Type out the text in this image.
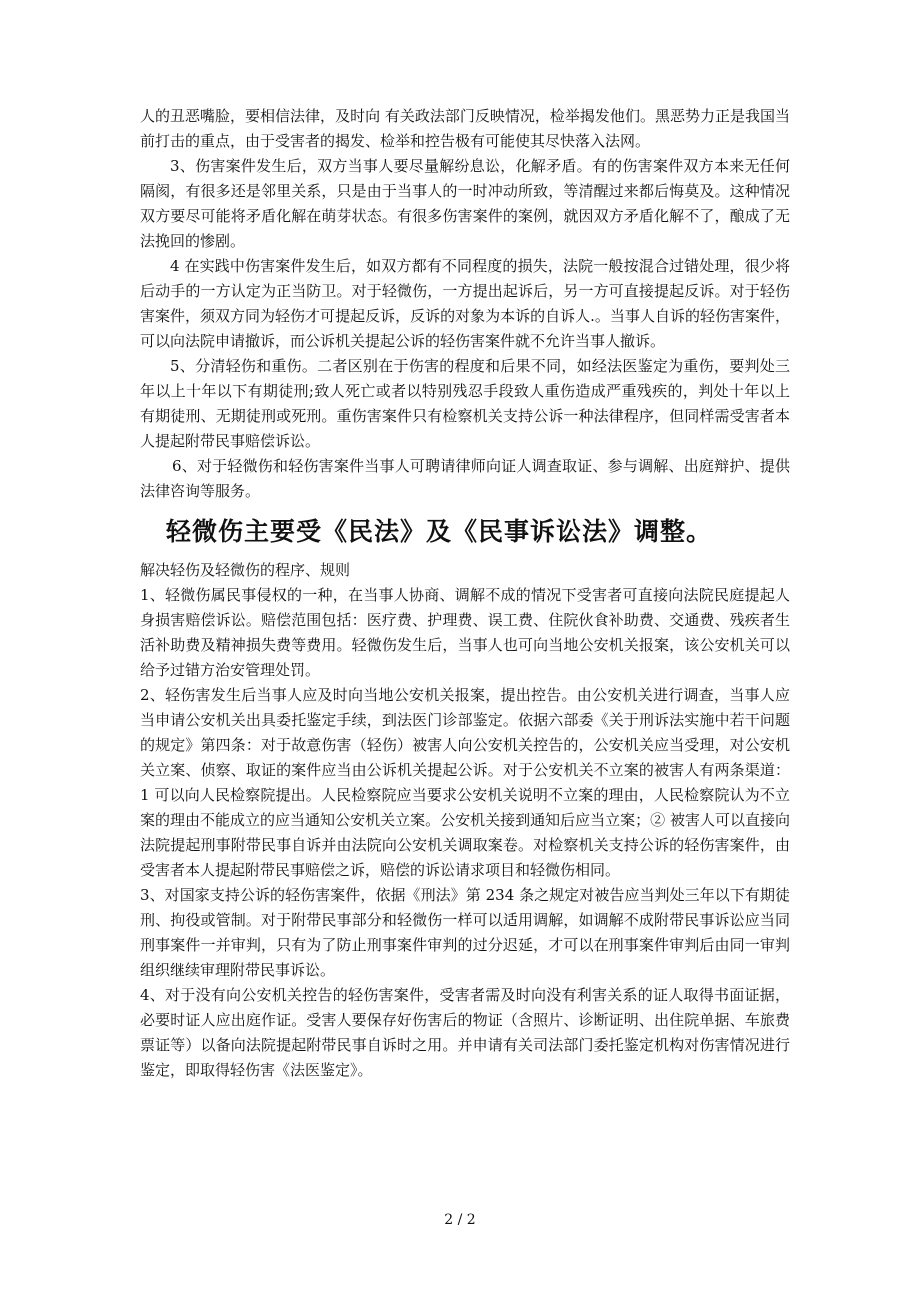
人的丑恶嘴脸，要相信法律，及时向 有关政法部门反映情况，检举揭发他们。黑恶势力正是我国当前打击的重点，由于受害者的揭发、检举和控告极有可能使其尽快落入法网。

3、伤害案件发生后，双方当事人要尽量解纷息讼，化解矛盾。有的伤害案件双方本来无任何隔阂，有很多还是邻里关系，只是由于当事人的一时冲动所致，等清醒过来都后悔莫及。这种情况双方要尽可能将矛盾化解在萌芽状态。有很多伤害案件的案例，就因双方矛盾化解不了，酿成了无法挽回的惨剧。

4 在实践中伤害案件发生后，如双方都有不同程度的损失，法院一般按混合过错处理，很少将后动手的一方认定为正当防卫。对于轻微伤，一方提出起诉后，另一方可直接提起反诉。对于轻伤害案件，须双方同为轻伤才可提起反诉，反诉的对象为本诉的自诉人.。当事人自诉的轻伤害案件，可以向法院申请撤诉，而公诉机关提起公诉的轻伤害案件就不允许当事人撤诉。

5、分清轻伤和重伤。二者区别在于伤害的程度和后果不同，如经法医鉴定为重伤，要判处三年以上十年以下有期徒刑;致人死亡或者以特别残忍手段致人重伤造成严重残疾的，判处十年以上有期徒刑、无期徒刑或死刑。重伤害案件只有检察机关支持公诉一种法律程序，但同样需受害者本人提起附带民事赔偿诉讼。

6、对于轻微伤和轻伤害案件当事人可聘请律师向证人调查取证、参与调解、出庭辩护、提供法律咨询等服务。

轻微伤主要受《民法》及《民事诉讼法》调整。

解决轻伤及轻微伤的程序、规则

1、轻微伤属民事侵权的一种，在当事人协商、调解不成的情况下受害者可直接向法院民庭提起人身损害赔偿诉讼。赔偿范围包括：医疗费、护理费、误工费、住院伙食补助费、交通费、残疾者生活补助费及精神损失费等费用。轻微伤发生后，当事人也可向当地公安机关报案，该公安机关可以给予过错方治安管理处罚。

2、轻伤害发生后当事人应及时向当地公安机关报案，提出控告。由公安机关进行调查，当事人应当申请公安机关出具委托鉴定手续，到法医门诊部鉴定。依据六部委《关于刑诉法实施中若干问题的规定》第四条：对于故意伤害（轻伤）被害人向公安机关控告的，公安机关应当受理，对公安机关立案、侦察、取证的案件应当由公诉机关提起公诉。对于公安机关不立案的被害人有两条渠道：1 可以向人民检察院提出。人民检察院应当要求公安机关说明不立案的理由，人民检察院认为不立案的理由不能成立的应当通知公安机关立案。公安机关接到通知后应当立案；② 被害人可以直接向法院提起刑事附带民事自诉并由法院向公安机关调取案卷。对检察机关支持公诉的轻伤害案件，由受害者本人提起附带民事赔偿之诉，赔偿的诉讼请求项目和轻微伤相同。

3、对国家支持公诉的轻伤害案件，依据《刑法》第 234 条之规定对被告应当判处三年以下有期徒刑、拘役或管制。对于附带民事部分和轻微伤一样可以适用调解，如调解不成附带民事诉讼应当同刑事案件一并审判，只有为了防止刑事案件审判的过分迟延，才可以在刑事案件审判后由同一审判组织继续审理附带民事诉讼。

4、对于没有向公安机关控告的轻伤害案件，受害者需及时向没有利害关系的证人取得书面证据，必要时证人应出庭作证。受害人要保存好伤害后的物证（含照片、诊断证明、出住院单据、车旅费票证等）以备向法院提起附带民事自诉时之用。并申请有关司法部门委托鉴定机构对伤害情况进行鉴定，即取得轻伤害《法医鉴定》。

2 / 2
